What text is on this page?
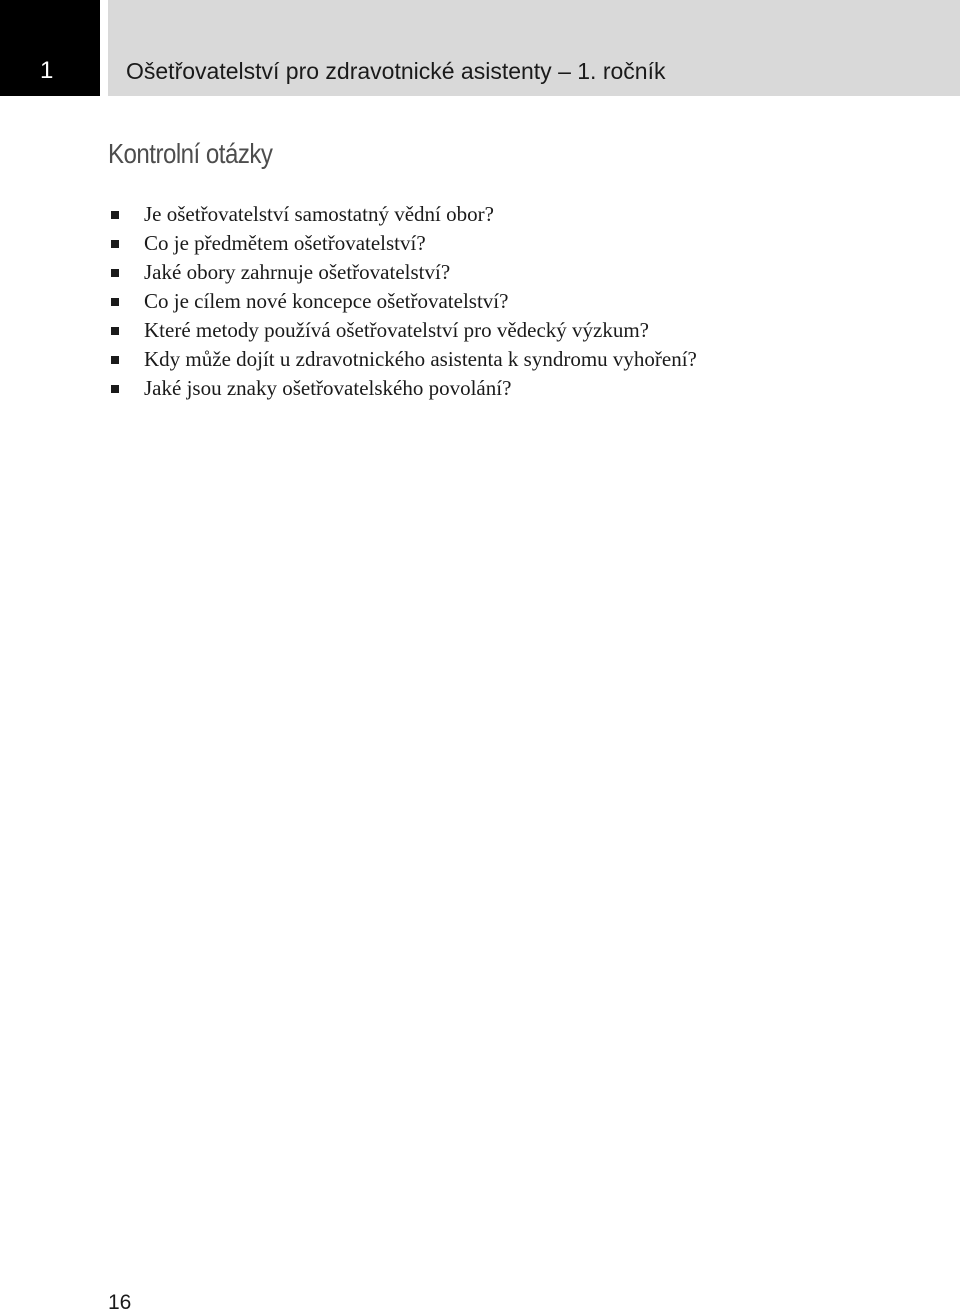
1	Ošetřovatelství pro zdravotnické asistenty – 1. ročník
Kontrolní otázky
Je ošetřovatelství samostatný vědní obor?
Co je předmětem ošetřovatelství?
Jaké obory zahrnuje ošetřovatelství?
Co je cílem nové koncepce ošetřovatelství?
Které metody používá ošetřovatelství pro vědecký výzkum?
Kdy může dojít u zdravotnického asistenta k syndromu vyhoření?
Jaké jsou znaky ošetřovatelského povolání?
16
